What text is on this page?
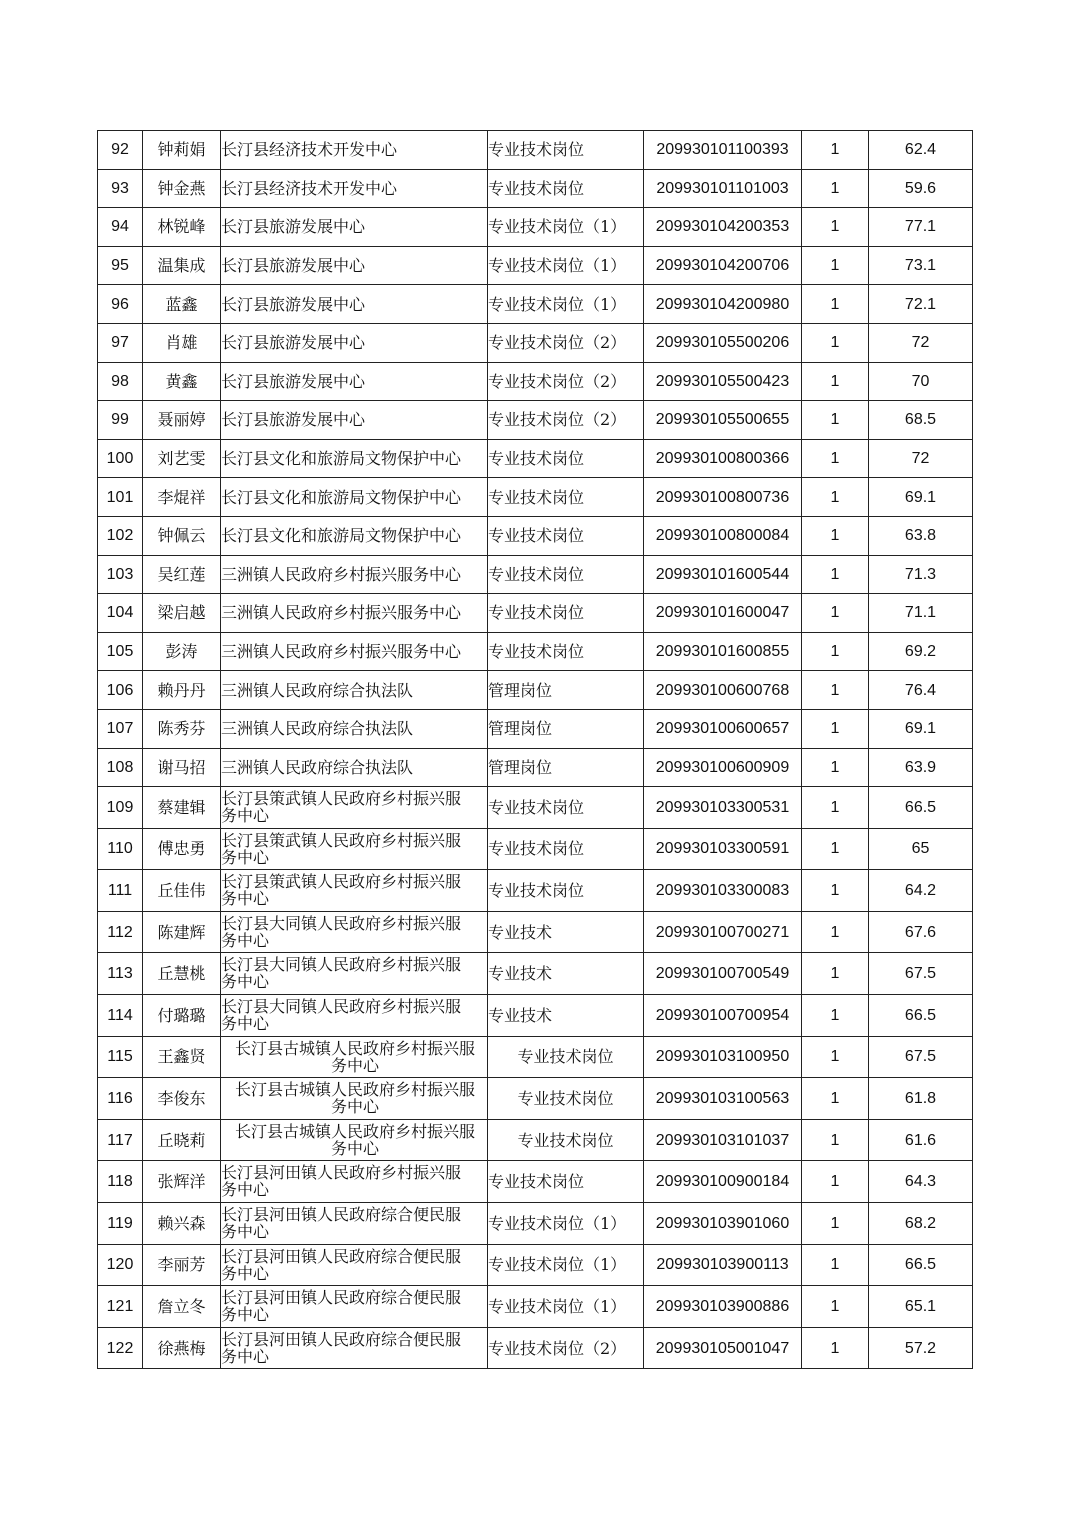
92	钟莉娟	长汀县经济技术开发中心	专业技术岗位	209930101100393	1	62.4
93	钟金燕	长汀县经济技术开发中心	专业技术岗位	209930101101003	1	59.6
94	林锐峰	长汀县旅游发展中心	专业技术岗位（1）	209930104200353	1	77.1
95	温集成	长汀县旅游发展中心	专业技术岗位（1）	209930104200706	1	73.1
96	蓝鑫	长汀县旅游发展中心	专业技术岗位（1）	209930104200980	1	72.1
97	肖雄	长汀县旅游发展中心	专业技术岗位（2）	209930105500206	1	72
98	黄鑫	长汀县旅游发展中心	专业技术岗位（2）	209930105500423	1	70
99	聂丽婷	长汀县旅游发展中心	专业技术岗位（2）	209930105500655	1	68.5
100	刘艺雯	长汀县文化和旅游局文物保护中心	专业技术岗位	209930100800366	1	72
101	李焜祥	长汀县文化和旅游局文物保护中心	专业技术岗位	209930100800736	1	69.1
102	钟佩云	长汀县文化和旅游局文物保护中心	专业技术岗位	209930100800084	1	63.8
103	吴红莲	三洲镇人民政府乡村振兴服务中心	专业技术岗位	209930101600544	1	71.3
104	梁启越	三洲镇人民政府乡村振兴服务中心	专业技术岗位	209930101600047	1	71.1
105	彭涛	三洲镇人民政府乡村振兴服务中心	专业技术岗位	209930101600855	1	69.2
106	赖丹丹	三洲镇人民政府综合执法队	管理岗位	209930100600768	1	76.4
107	陈秀芬	三洲镇人民政府综合执法队	管理岗位	209930100600657	1	69.1
108	谢马招	三洲镇人民政府综合执法队	管理岗位	209930100600909	1	63.9
109	蔡建辑	长汀县策武镇人民政府乡村振兴服务中心	专业技术岗位	209930103300531	1	66.5
110	傅忠勇	长汀县策武镇人民政府乡村振兴服务中心	专业技术岗位	209930103300591	1	65
111	丘佳伟	长汀县策武镇人民政府乡村振兴服务中心	专业技术岗位	209930103300083	1	64.2
112	陈建辉	长汀县大同镇人民政府乡村振兴服务中心	专业技术	209930100700271	1	67.6
113	丘慧桃	长汀县大同镇人民政府乡村振兴服务中心	专业技术	209930100700549	1	67.5
114	付璐璐	长汀县大同镇人民政府乡村振兴服务中心	专业技术	209930100700954	1	66.5
115	王鑫贤	长汀县古城镇人民政府乡村振兴服务中心	专业技术岗位	209930103100950	1	67.5
116	李俊东	长汀县古城镇人民政府乡村振兴服务中心	专业技术岗位	209930103100563	1	61.8
117	丘晓莉	长汀县古城镇人民政府乡村振兴服务中心	专业技术岗位	209930103101037	1	61.6
118	张辉洋	长汀县河田镇人民政府乡村振兴服务中心	专业技术岗位	209930100900184	1	64.3
119	赖兴森	长汀县河田镇人民政府综合便民服务中心	专业技术岗位（1）	209930103901060	1	68.2
120	李丽芳	长汀县河田镇人民政府综合便民服务中心	专业技术岗位（1）	209930103900113	1	66.5
121	詹立冬	长汀县河田镇人民政府综合便民服务中心	专业技术岗位（1）	209930103900886	1	65.1
122	徐燕梅	长汀县河田镇人民政府综合便民服务中心	专业技术岗位（2）	209930105001047	1	57.2
